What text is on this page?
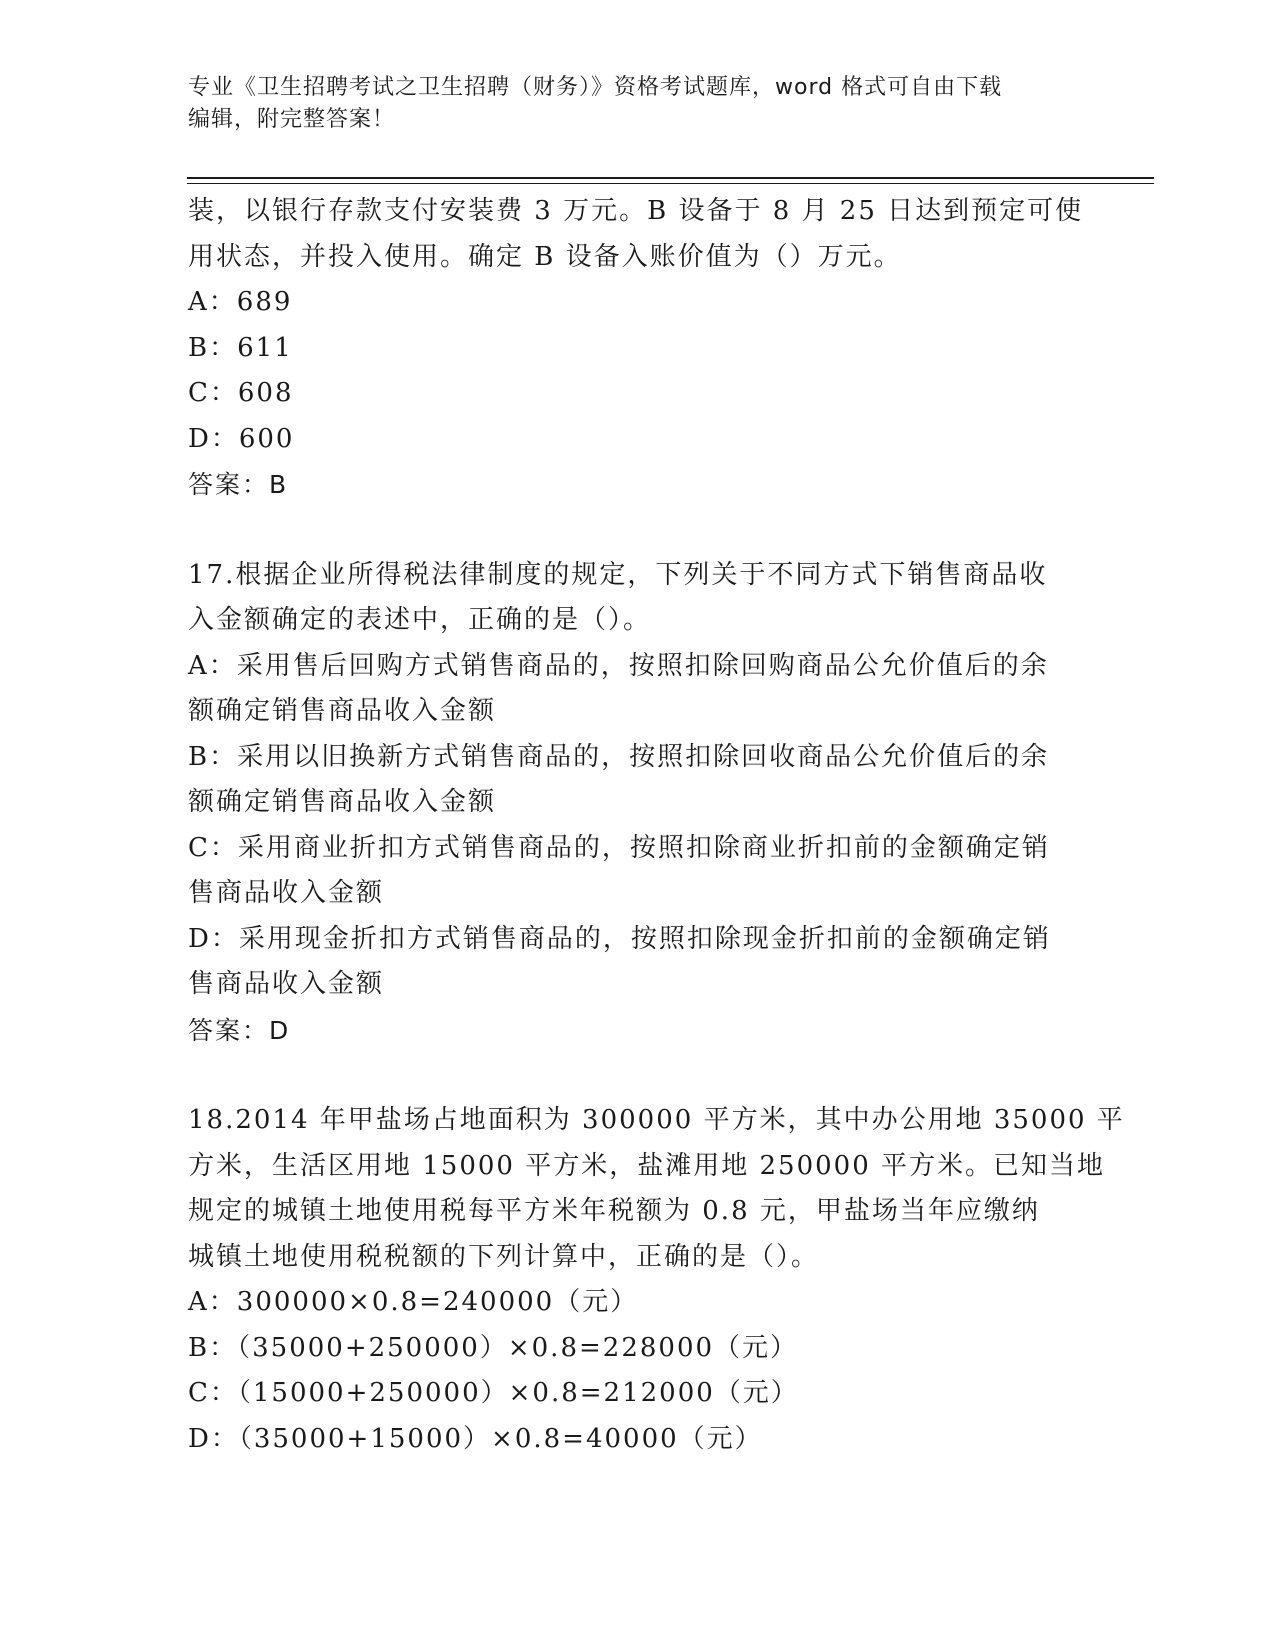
专业《卫生招聘考试之卫生招聘（财务）》资格考试题库，word 格式可自由下载
编辑，附完整答案！
装，以银行存款支付安装费 3 万元。B 设备于 8 月 25 日达到预定可使
用状态，并投入使用。确定 B 设备入账价值为（）万元。
A：689
B：611
C：608
D：600
答案：B
17.根据企业所得税法律制度的规定，下列关于不同方式下销售商品收
入金额确定的表述中，正确的是（）。
A：采用售后回购方式销售商品的，按照扣除回购商品公允价值后的余
额确定销售商品收入金额
B：采用以旧换新方式销售商品的，按照扣除回收商品公允价值后的余
额确定销售商品收入金额
C：采用商业折扣方式销售商品的，按照扣除商业折扣前的金额确定销
售商品收入金额
D：采用现金折扣方式销售商品的，按照扣除现金折扣前的金额确定销
售商品收入金额
答案：D
18.2014 年甲盐场占地面积为 300000 平方米，其中办公用地 35000 平
方米，生活区用地 15000 平方米，盐滩用地 250000 平方米。已知当地
规定的城镇土地使用税每平方米年税额为 0.8 元，甲盐场当年应缴纳
城镇土地使用税税额的下列计算中，正确的是（）。
A：300000×0.8=240000（元）
B：（35000+250000）×0.8=228000（元）
C：（15000+250000）×0.8=212000（元）
D：（35000+15000）×0.8=40000（元）
